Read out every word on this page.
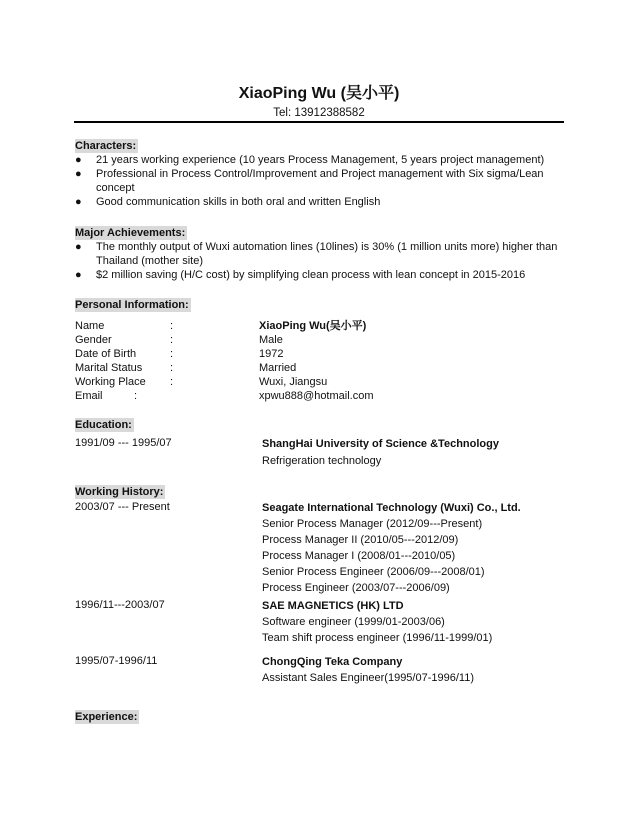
XiaoPing Wu (吴小平)
Tel: 13912388582
Characters:
● 21 years working experience (10 years Process Management, 5 years project management)
● Professional in Process Control/Improvement and Project management with Six sigma/Lean concept
● Good communication skills in both oral and written English
Major Achievements:
● The monthly output of Wuxi automation lines (10lines) is 30% (1 million units more) higher than Thailand (mother site)
● $2 million saving (H/C cost) by simplifying clean process with lean concept in 2015-2016
Personal Information:
Name	:	XiaoPing Wu(吴小平)
Gender	:	Male
Date of Birth	:	1972
Marital Status	:	Married
Working Place :	Wuxi, Jiangsu
Email	:	xpwu888@hotmail.com
Education:
1991/09 --- 1995/07	ShangHai University of Science &Technology
Refrigeration technology
Working History:
2003/07 --- Present	Seagate International Technology (Wuxi) Co., Ltd.
Senior Process Manager (2012/09---Present)
Process Manager II (2010/05---2012/09)
Process Manager I (2008/01---2010/05)
Senior Process Engineer (2006/09---2008/01)
Process Engineer (2003/07---2006/09)
1996/11---2003/07	SAE MAGNETICS (HK) LTD
Software engineer (1999/01-2003/06)
Team shift process engineer (1996/11-1999/01)
1995/07-1996/11	ChongQing Teka Company
Assistant Sales Engineer(1995/07-1996/11)
Experience:
